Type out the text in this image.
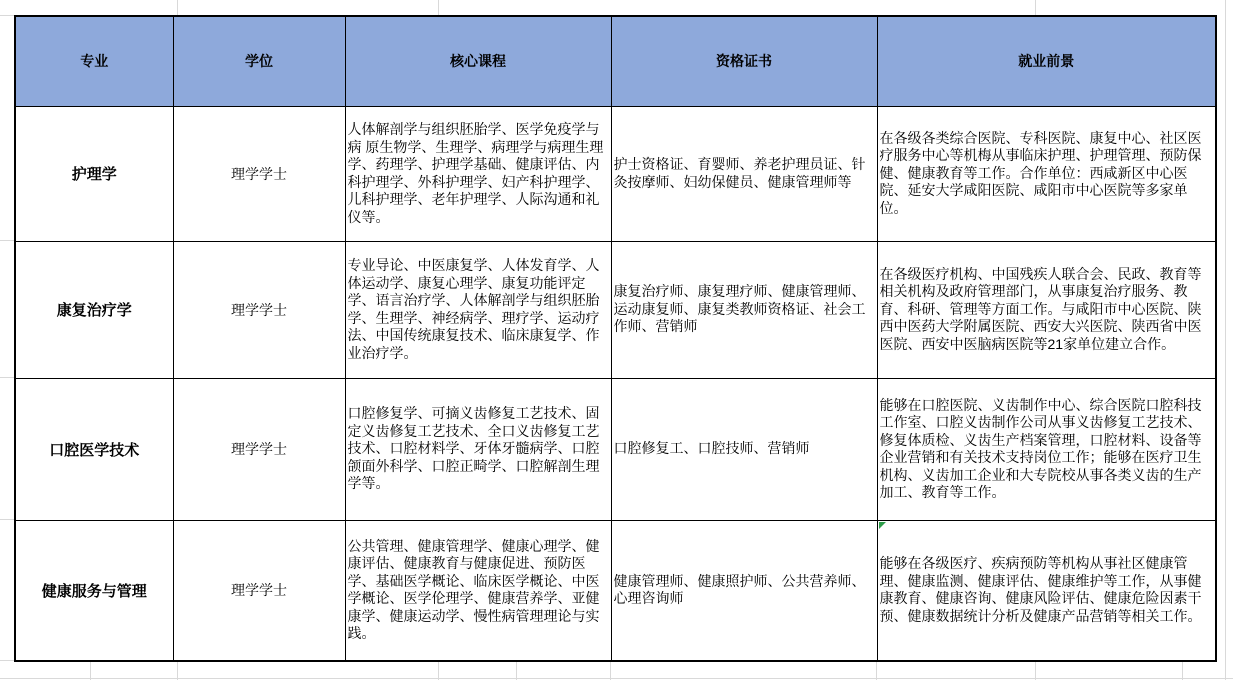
专业	学位	核心课程	资格证书	就业前景
护理学	理学学士	人体解剖学与组织胚胎学、医学免疫学与病 原生物学、生理学、病理学与病理生理学、药理学、护理学基础、健康评估、内科护理学、外科护理学、妇产科护理学、儿科护理学、老年护理学、人际沟通和礼仪等。	护士资格证、育婴师、养老护理员证、针灸按摩师、妇幼保健员、健康管理师等	在各级各类综合医院、专科医院、康复中心、社区医疗服务中心等机梅从事临床护理、护理管理、预防保健、健康教育等工作。合作单位：西咸新区中心医院、延安大学咸阳医院、咸阳市中心医院等多家单位。
康复治疗学	理学学士	专业导论、中医康复学、人体发育学、人体运动学、康复心理学、康复功能评定学、语言治疗学、人体解剖学与组织胚胎学、生理学、神经病学、理疗学、运动疗法、中国传统康复技术、临床康复学、作业治疗学。	康复治疗师、康复理疗师、健康管理师、运动康复师、康复类教师资格证、社会工作师、营销师	在各级医疗机构、中国残疾人联合会、民政、教育等相关机构及政府管理部门，从事康复治疗服务、教育、科研、管理等方面工作。与咸阳市中心医院、陕西中医药大学附属医院、西安大兴医院、陕西省中医医院、西安中医脑病医院等21家单位建立合作。
口腔医学技术	理学学士	口腔修复学、可摘义齿修复工艺技术、固定义齿修复工艺技术、全口义齿修复工艺技术、口腔材料学、牙体牙髓病学、口腔颌面外科学、口腔正畸学、口腔解剖生理学等。	口腔修复工、口腔技师、营销师	能够在口腔医院、义齿制作中心、综合医院口腔科技工作室、口腔义齿制作公司从事义齿修复工艺技术、修复体质检、义齿生产档案管理，口腔材料、设备等企业营销和有关技术支持岗位工作；能够在医疗卫生机构、义齿加工企业和大专院校从事各类义齿的生产加工、教育等工作。
健康服务与管理	理学学士	公共管理、健康管理学、健康心理学、健康评估、健康教育与健康促进、预防医学、基础医学概论、临床医学概论、中医学概论、医学伦理学、健康营养学、亚健康学、健康运动学、慢性病管理理论与实践。	健康管理师、健康照护师、公共营养师、心理咨询师	能够在各级医疗、疾病预防等机构从事社区健康管理、健康监测、健康评估、健康维护等工作，从事健康教育、健康咨询、健康风险评估、健康危险因素干预、健康数据统计分析及健康产品营销等相关工作。
